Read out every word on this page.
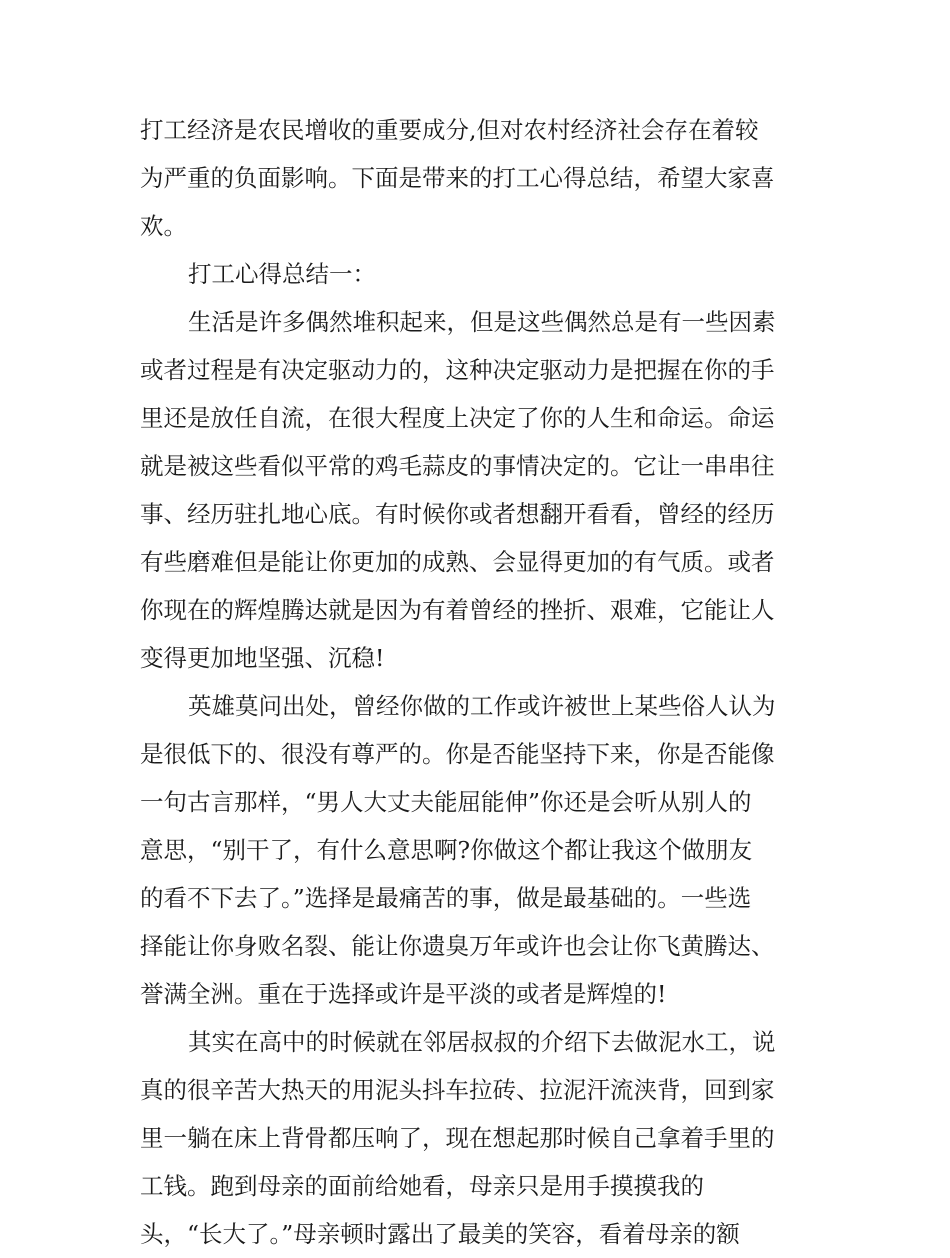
打工经济是农民增收的重要成分,但对农村经济社会存在着较
为严重的负面影响。下面是带来的打工心得总结，希望大家喜
欢。
打工心得总结一：
生活是许多偶然堆积起来，但是这些偶然总是有一些因素
或者过程是有决定驱动力的，这种决定驱动力是把握在你的手
里还是放任自流，在很大程度上决定了你的人生和命运。命运
就是被这些看似平常的鸡毛蒜皮的事情决定的。它让一串串往
事、经历驻扎地心底。有时候你或者想翻开看看，曾经的经历
有些磨难但是能让你更加的成熟、会显得更加的有气质。或者
你现在的辉煌腾达就是因为有着曾经的挫折、艰难，它能让人
变得更加地坚强、沉稳!
英雄莫问出处，曾经你做的工作或许被世上某些俗人认为
是很低下的、很没有尊严的。你是否能坚持下来，你是否能像
一句古言那样，“男人大丈夫能屈能伸”你还是会听从别人的
意思，“别干了，有什么意思啊?你做这个都让我这个做朋友
的看不下去了。”选择是最痛苦的事，做是最基础的。一些选
择能让你身败名裂、能让你遗臭万年或许也会让你飞黄腾达、
誉满全洲。重在于选择或许是平淡的或者是辉煌的!
其实在高中的时候就在邻居叔叔的介绍下去做泥水工，说
真的很辛苦大热天的用泥头抖车拉砖、拉泥汗流浃背，回到家
里一躺在床上背骨都压响了，现在想起那时候自己拿着手里的
工钱。跑到母亲的面前给她看，母亲只是用手摸摸我的
头，“长大了。”母亲顿时露出了最美的笑容，看着母亲的额
